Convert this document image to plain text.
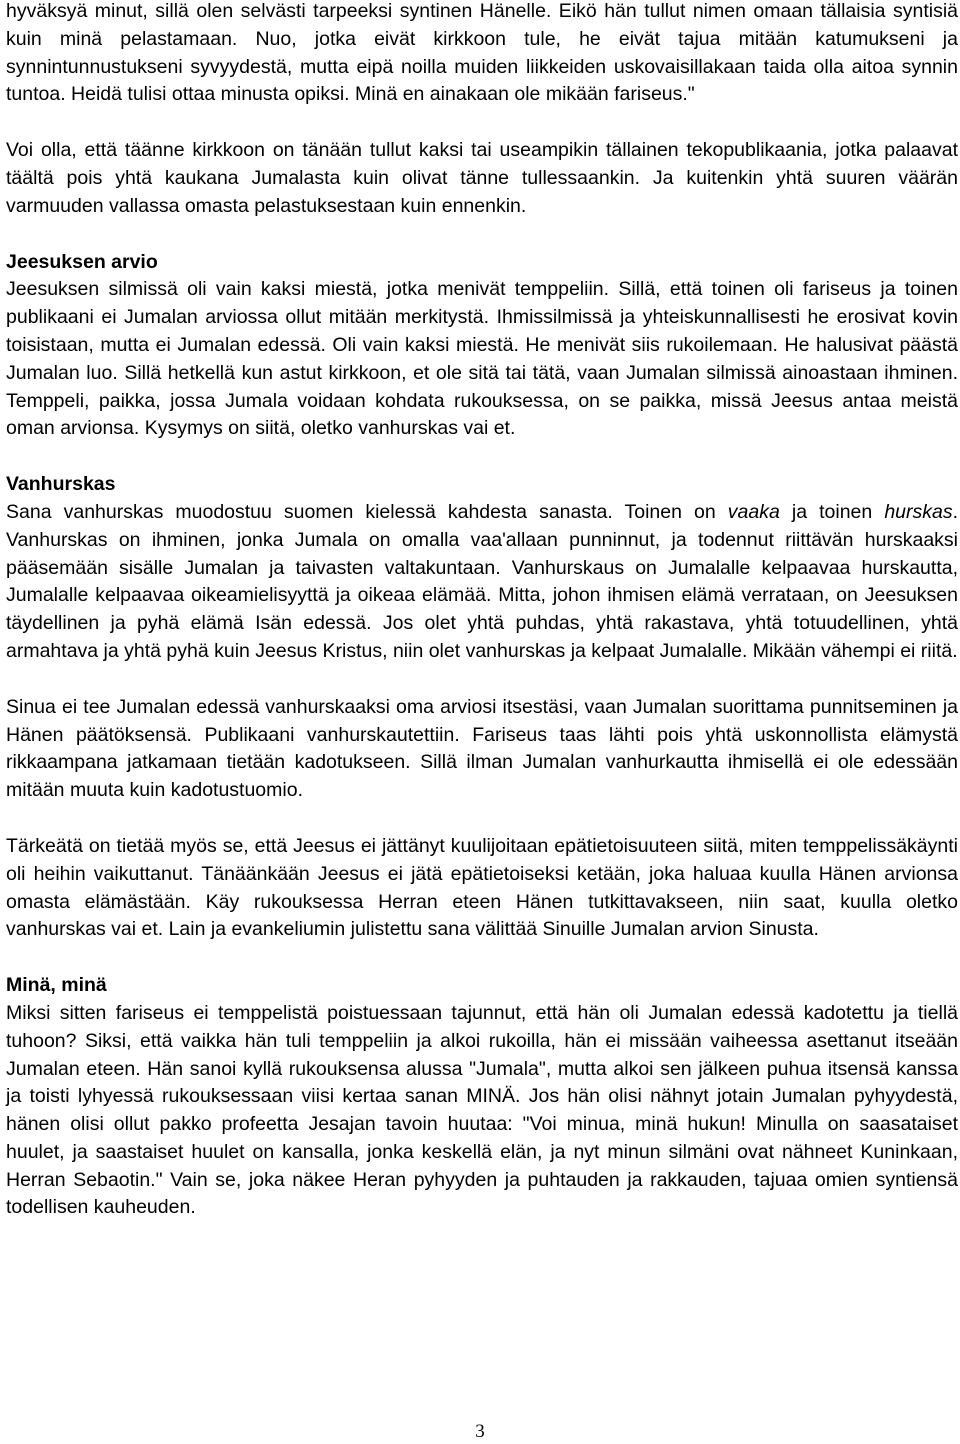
hyväksyä minut, sillä olen selvästi tarpeeksi syntinen Hänelle. Eikö hän tullut nimen omaan tällaisia syntisiä kuin minä pelastamaan. Nuo, jotka eivät kirkkoon tule, he eivät tajua mitään katumukseni ja synnintunnustukseni syvyydestä, mutta eipä noilla muiden liikkeiden uskovaisillakaan taida olla aitoa synnin tuntoa. Heidä tulisi ottaa minusta opiksi. Minä en ainakaan ole mikään fariseus."

Voi olla, että täänne kirkkoon on tänään tullut kaksi tai useampikin tällainen tekopublikaania, jotka palaavat täältä pois yhtä kaukana Jumalasta kuin olivat tänne tullessaankin. Ja kuitenkin yhtä suuren väärän varmuuden vallassa omasta pelastuksestaan kuin ennenkin.

Jeesuksen arvio

Jeesuksen silmissä oli vain kaksi miestä, jotka menivät temppeliin. Sillä, että toinen oli fariseus ja toinen publikaani ei Jumalan arviossa ollut mitään merkitystä. Ihmissilmissä ja yhteiskunnallisesti he erosivat kovin toisistaan, mutta ei Jumalan edessä. Oli vain kaksi miestä. He menivät siis rukoilemaan. He halusivat päästä Jumalan luo. Sillä hetkellä kun astut kirkkoon, et ole sitä tai tätä, vaan Jumalan silmissä ainoastaan ihminen. Temppeli, paikka, jossa Jumala voidaan kohdata rukouksessa, on se paikka, missä Jeesus antaa meistä oman arvionsa. Kysymys on siitä, oletko vanhurskas vai et.

Vanhurskas

Sana vanhurskas muodostuu suomen kielessä kahdesta sanasta. Toinen on vaaka ja toinen hurskas. Vanhurskas on ihminen, jonka Jumala on omalla vaa'allaan punninnut, ja todennut riittävän hurskaaksi pääsemään sisälle Jumalan ja taivasten valtakuntaan. Vanhurskaus on Jumalalle kelpaavaa hurskautta, Jumalalle kelpaavaa oikeamielisyyttä ja oikeaa elämää. Mitta, johon ihmisen elämä verrataan, on Jeesuksen täydellinen ja pyhä elämä Isän edessä. Jos olet yhtä puhdas, yhtä rakastava, yhtä totuudellinen, yhtä armahtava ja yhtä pyhä kuin Jeesus Kristus, niin olet vanhurskas ja kelpaat Jumalalle. Mikään vähempi ei riitä.

Sinua ei tee Jumalan edessä vanhurskaaksi oma arviosi itsestäsi, vaan Jumalan suorittama punnitseminen ja Hänen päätöksensä. Publikaani vanhurskautettiin. Fariseus taas lähti pois yhtä uskonnollista elämystä rikkaampana jatkamaan tietään kadotukseen. Sillä ilman Jumalan vanhurkautta ihmisellä ei ole edessään mitään muuta kuin kadotustuomio.

Tärkeätä on tietää myös se, että Jeesus ei jättänyt kuulijoitaan epätietoisuuteen siitä, miten temppelissäkäynti oli heihin vaikuttanut. Tänäänkään Jeesus ei jätä epätietoiseksi ketään, joka haluaa kuulla Hänen arvionsa omasta elämästään. Käy rukouksessa Herran eteen Hänen tutkittavakseen, niin saat, kuulla oletko vanhurskas vai et. Lain ja evankeliumin julistettu sana välittää Sinuille Jumalan arvion Sinusta.

Minä, minä

Miksi sitten fariseus ei temppelistä poistuessaan tajunnut, että hän oli Jumalan edessä kadotettu ja tiellä tuhoon? Siksi, että vaikka hän tuli temppeliin ja alkoi rukoilla, hän ei missään vaiheessa asettanut itseään Jumalan eteen. Hän sanoi kyllä rukouksensa alussa "Jumala", mutta alkoi sen jälkeen puhua itsensä kanssa ja toisti lyhyessä rukouksessaan viisi kertaa sanan MINÄ. Jos hän olisi nähnyt jotain Jumalan pyhyydestä, hänen olisi ollut pakko profeetta Jesajan tavoin huutaa: "Voi minua, minä hukun! Minulla on saasataiset huulet, ja saastaiset huulet on kansalla, jonka keskellä elän, ja nyt minun silmäni ovat nähneet Kuninkaan, Herran Sebaotin." Vain se, joka näkee Heran pyhyyden ja puhtauden ja rakkauden, tajuaa omien syntiensä todellisen kauheuden.

3
